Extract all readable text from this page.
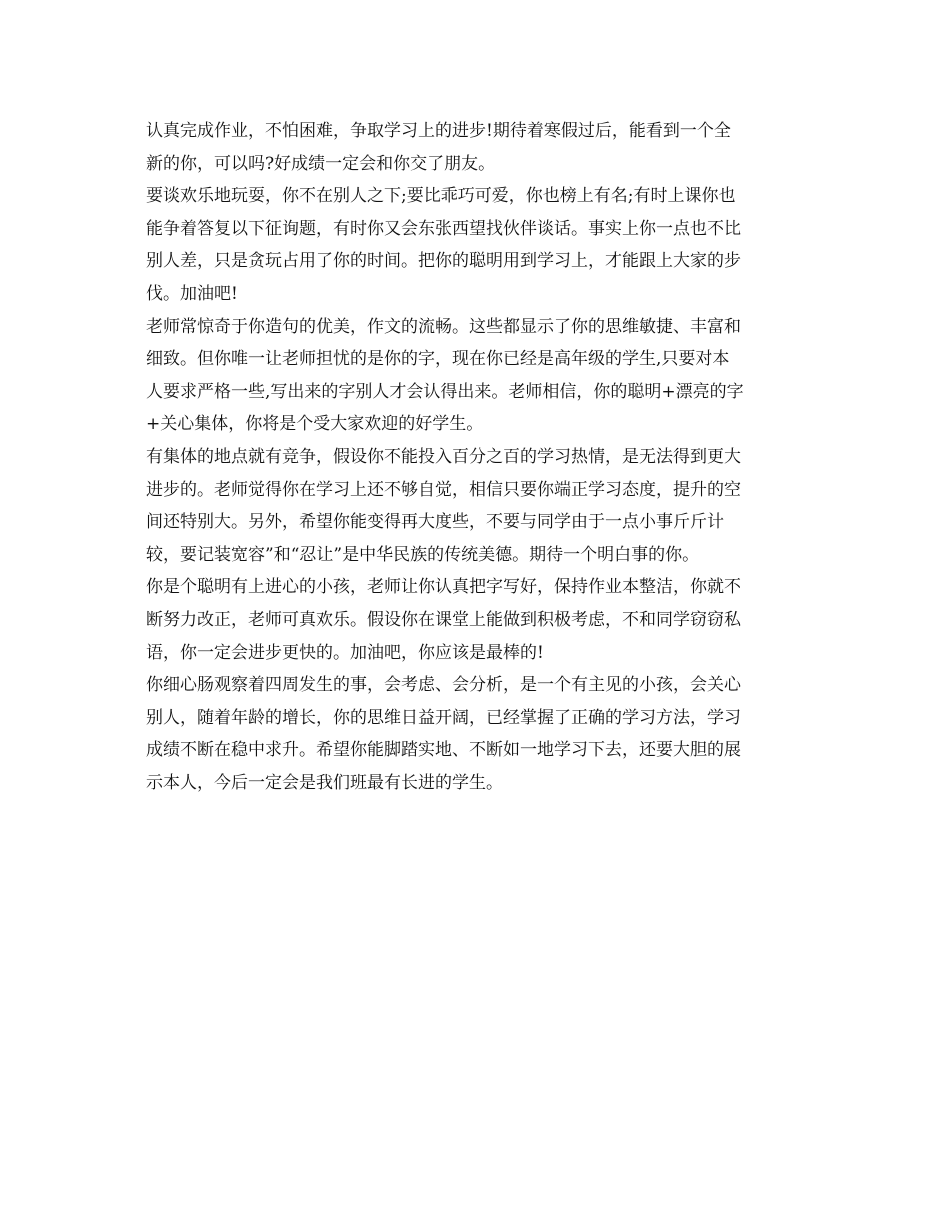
认真完成作业，不怕困难，争取学习上的进步!期待着寒假过后，能看到一个全
新的你，可以吗?好成绩一定会和你交了朋友。

要谈欢乐地玩耍，你不在别人之下;要比乖巧可爱，你也榜上有名;有时上课你也
能争着答复以下征询题，有时你又会东张西望找伙伴谈话。事实上你一点也不比
别人差，只是贪玩占用了你的时间。把你的聪明用到学习上，才能跟上大家的步
伐。加油吧!

老师常惊奇于你造句的优美，作文的流畅。这些都显示了你的思维敏捷、丰富和
细致。但你唯一让老师担忧的是你的字，现在你已经是高年级的学生,只要对本
人要求严格一些,写出来的字别人才会认得出来。老师相信，你的聪明+漂亮的字
+关心集体，你将是个受大家欢迎的好学生。

有集体的地点就有竞争，假设你不能投入百分之百的学习热情，是无法得到更大
进步的。老师觉得你在学习上还不够自觉，相信只要你端正学习态度，提升的空
间还特别大。另外，希望你能变得再大度些，不要与同学由于一点小事斤斤计
较，要记装宽容”和“忍让”是中华民族的传统美德。期待一个明白事的你。

你是个聪明有上进心的小孩，老师让你认真把字写好，保持作业本整洁，你就不
断努力改正，老师可真欢乐。假设你在课堂上能做到积极考虑，不和同学窃窃私
语，你一定会进步更快的。加油吧，你应该是最棒的!

你细心肠观察着四周发生的事，会考虑、会分析，是一个有主见的小孩，会关心
别人，随着年龄的增长，你的思维日益开阔，已经掌握了正确的学习方法，学习
成绩不断在稳中求升。希望你能脚踏实地、不断如一地学习下去，还要大胆的展
示本人，今后一定会是我们班最有长进的学生。
